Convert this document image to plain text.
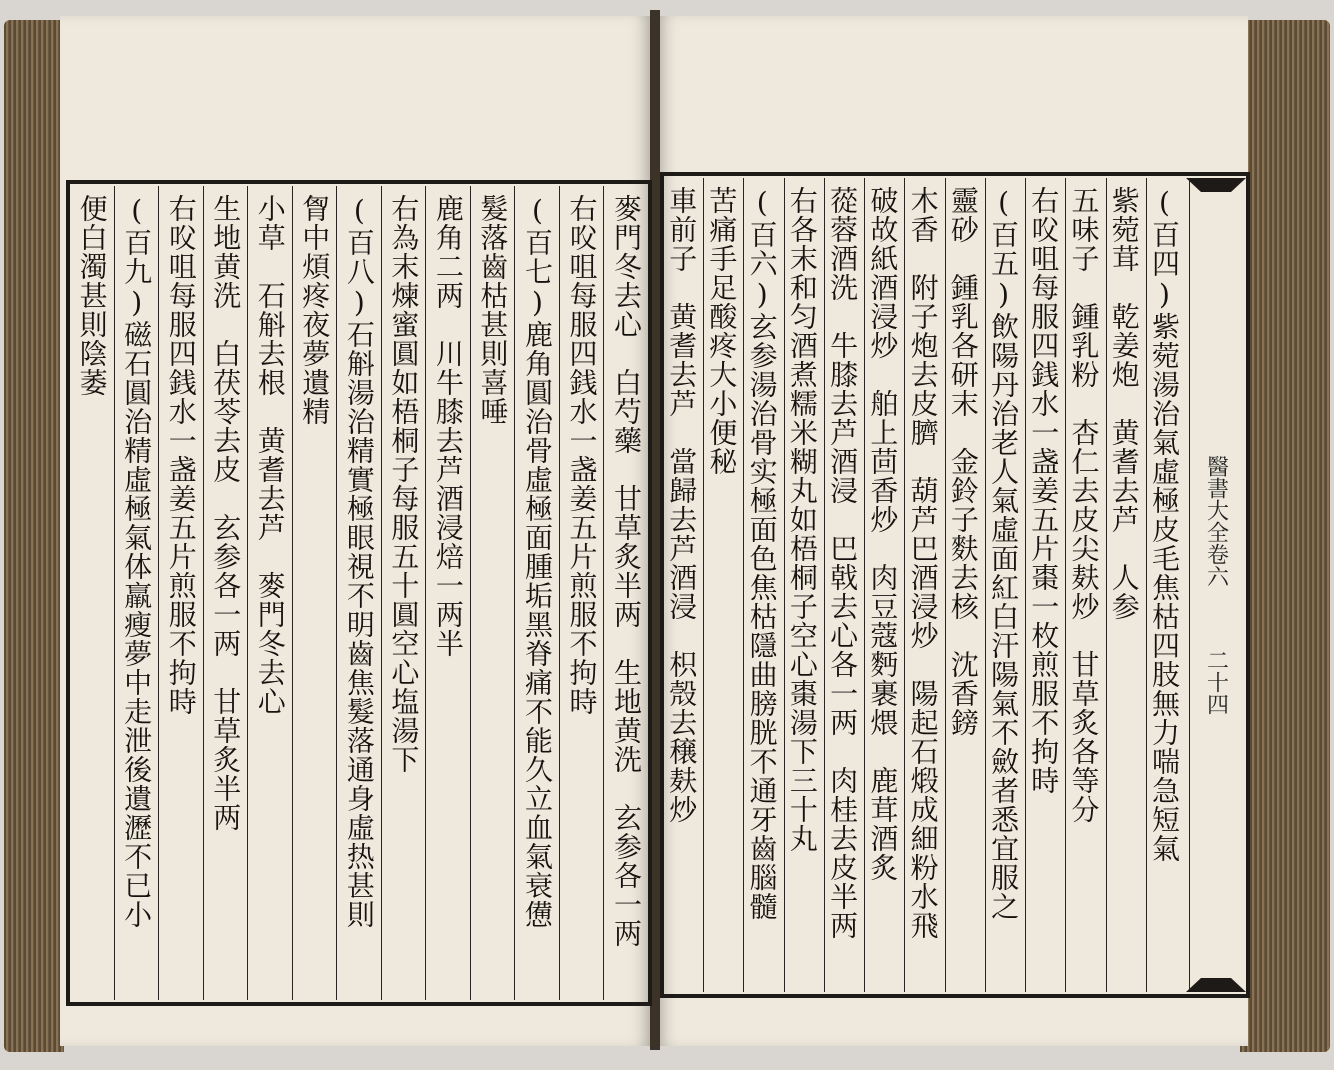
醫書大全卷六
二十四
(百四)紫菀湯治氣虛極皮毛焦枯四肢無力喘急短氣
紫菀茸　乾姜炮　黄耆去芦　人参
五味子　鍾乳粉　杏仁去皮尖麸炒　甘草炙各等分
右㕮咀每服四銭水一盏姜五片棗一枚煎服不拘時
(百五)飲陽丹治老人氣虛面紅白汗陽氣不斂者悉宜服之
靈砂　鍾乳各研末　金鈴子麩去核　沈香鎊
木香　附子炮去皮臍　葫芦巴酒浸炒　陽起石煅成細粉水飛
破故紙酒浸炒　舶上茴香炒　肉豆蔻麪裹煨　鹿茸酒炙
蓯蓉酒洗　牛膝去芦酒浸　巴戟去心各一两　肉桂去皮半两
右各末和匀酒煮糯米糊丸如梧桐子空心棗湯下三十丸
(百六)玄参湯治骨实極面色焦枯隱曲膀胱不通牙齒腦髓
苦痛手足酸疼大小便秘
車前子　黄耆去芦　當歸去芦酒浸　枳殼去穣麸炒
麥門冬去心　白芍藥　甘草炙半两　生地黄洗　玄参各一两
右㕮咀每服四銭水一盏姜五片煎服不拘時
(百七)鹿角圓治骨虛極面腫垢黑脊痛不能久立血氣衰憊
髮落齒枯甚則喜唾
鹿角二两　川牛膝去芦酒浸焙一两半
右為末煉蜜圓如梧桐子每服五十圓空心塩湯下
(百八)石斛湯治精實極眼視不明齒焦髮落通身虛热甚則
胷中煩疼夜夢遺精
小草　石斛去根　黄耆去芦　麥門冬去心
生地黄洗　白茯苓去皮　玄参各一两　甘草炙半两
右㕮咀每服四銭水一盏姜五片煎服不拘時
(百九)磁石圓治精虛極氣体羸瘦夢中走泄後遺瀝不已小
便白濁甚則陰萎
